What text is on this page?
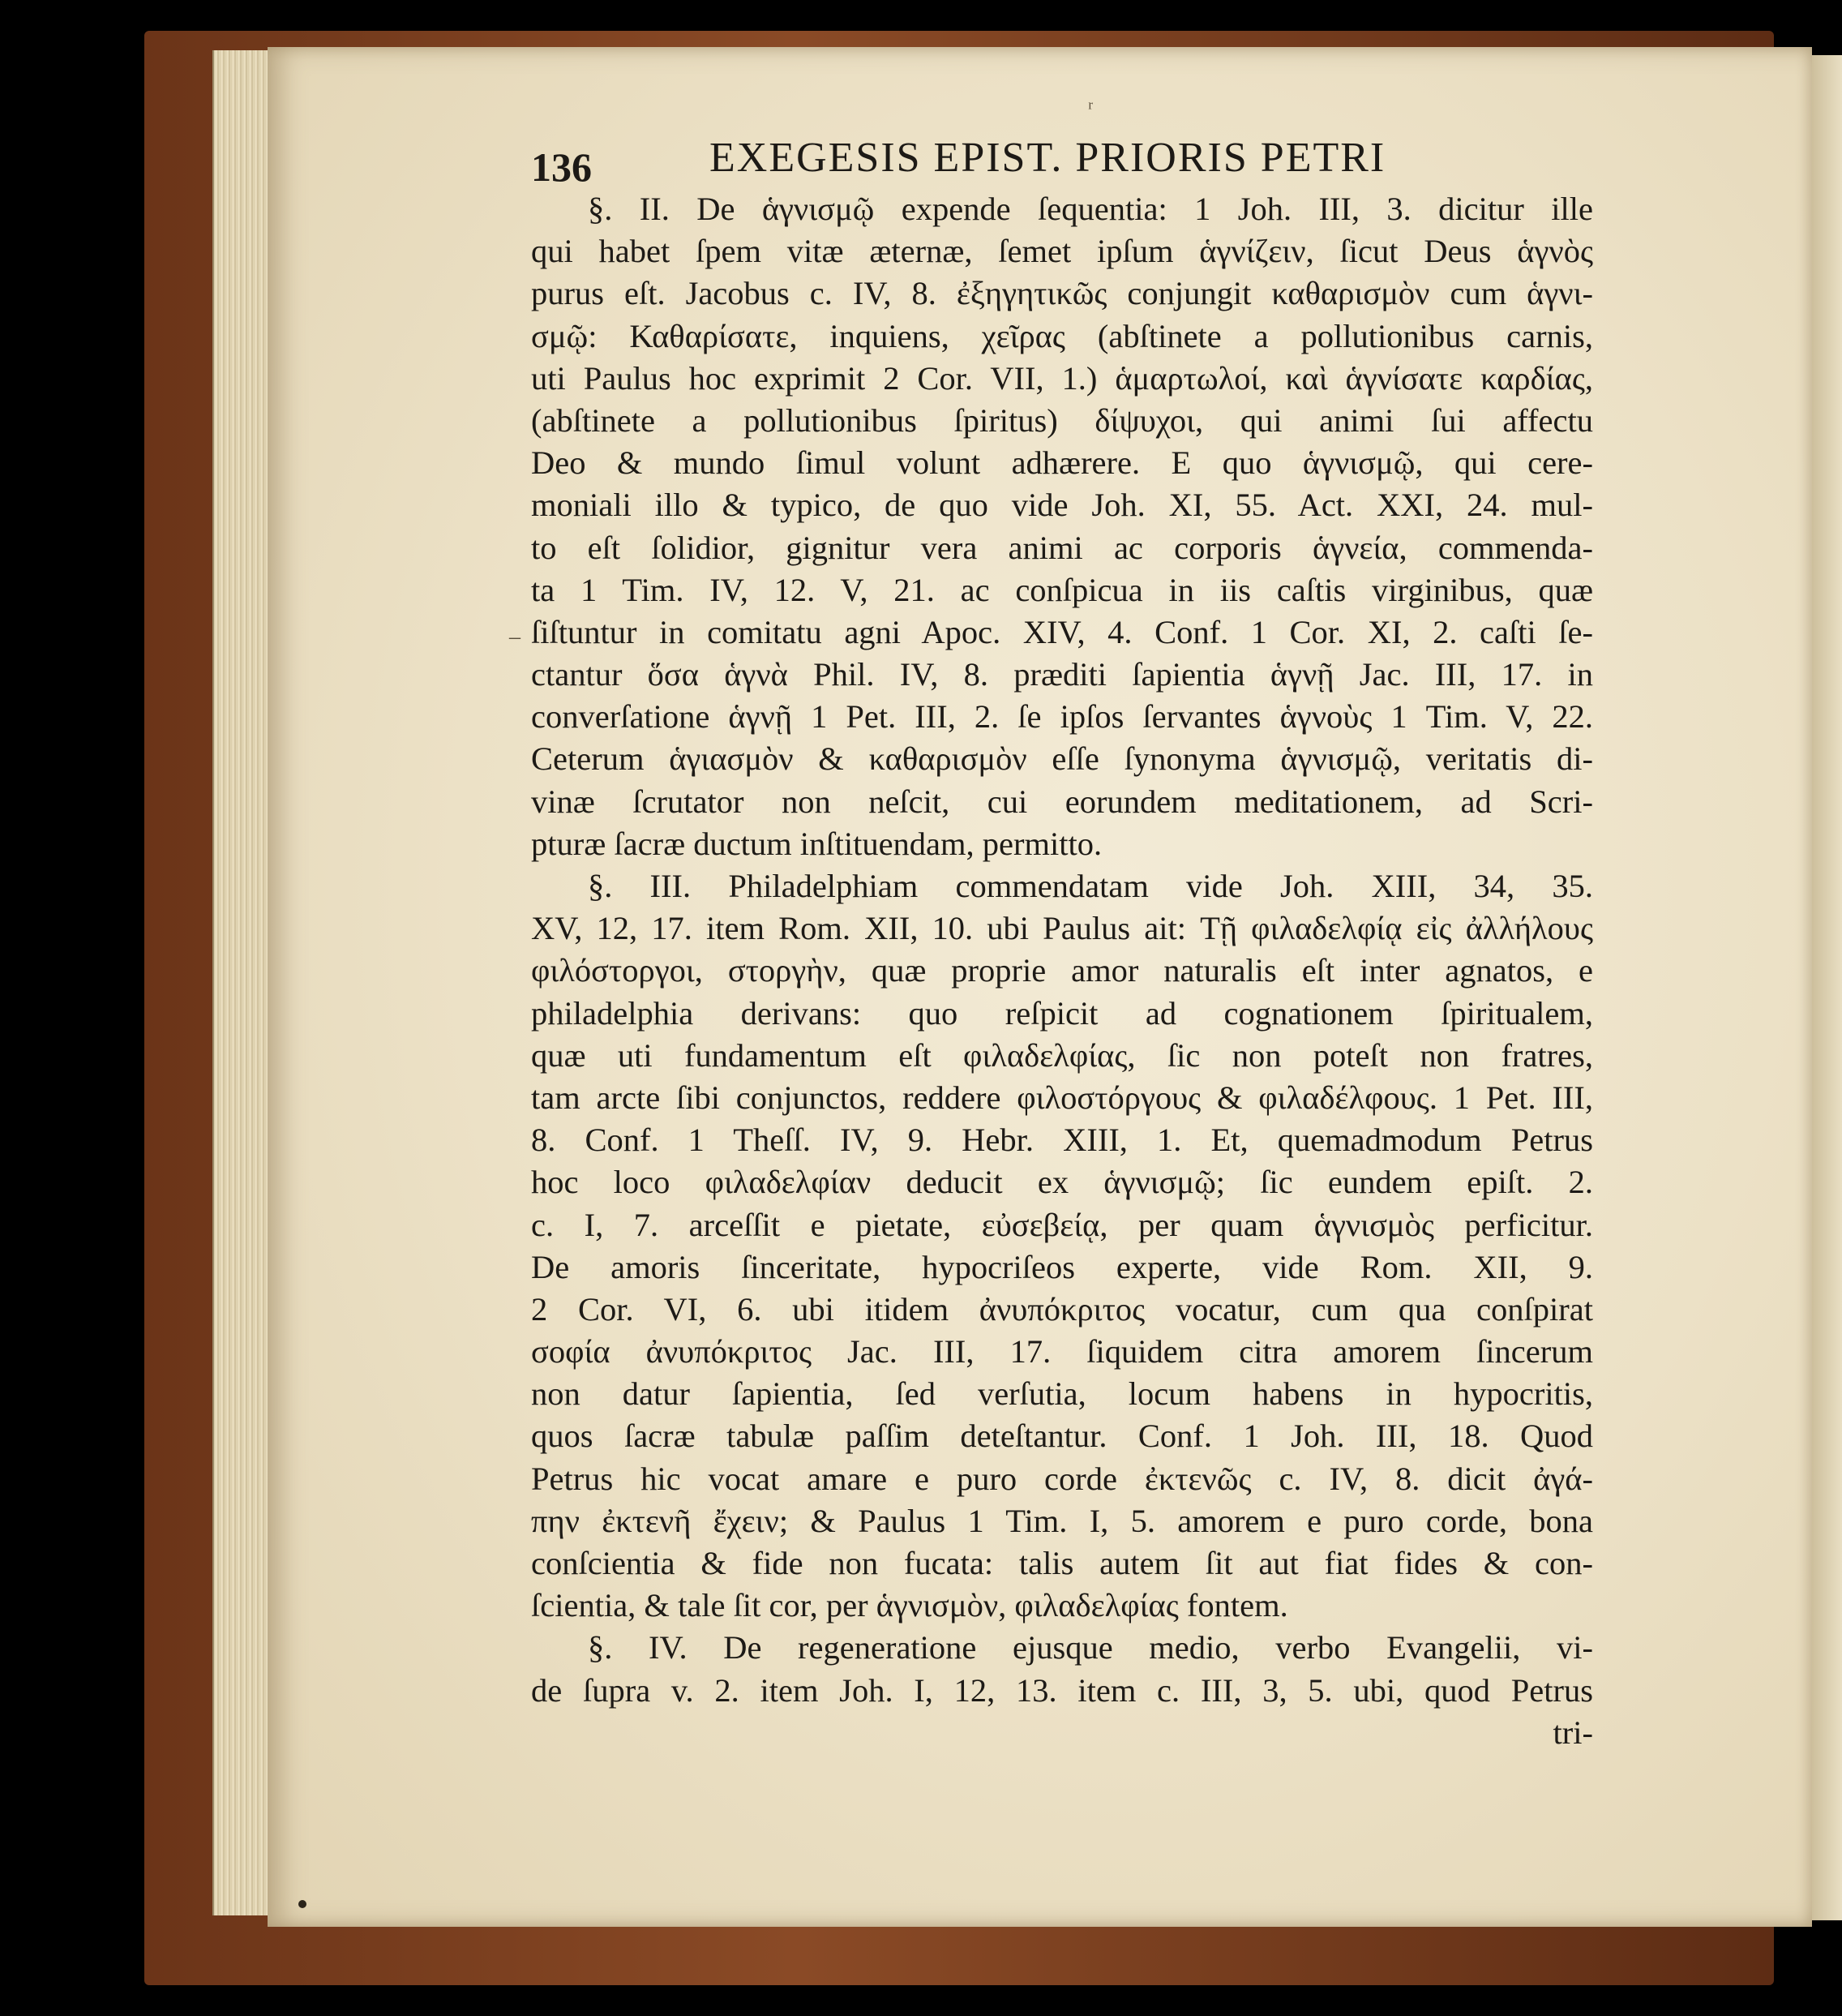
ʳ
–
136	EXEGESIS EPIST. PRIORIS PETRI
§. II. De ἁγνισμῷ expende ſequentia: 1 Joh. III, 3. dicitur ille
qui habet ſpem vitæ æternæ, ſemet ipſum ἁγνίζειν, ſicut Deus ἁγνὸς
purus eſt. Jacobus c. IV, 8. ἐξηγητικῶς conjungit καθαρισμὸν cum ἁγνι-
σμῷ: Καθαρίσατε, inquiens, χεῖρας (abſtinete a pollutionibus carnis,
uti Paulus hoc exprimit 2 Cor. VII, 1.) ἁμαρτωλοί, καὶ ἁγνίσατε καρδίας,
(abſtinete a pollutionibus ſpiritus) δίψυχοι, qui animi ſui affectu
Deo & mundo ſimul volunt adhærere. E quo ἁγνισμῷ, qui cere-
moniali illo & typico, de quo vide Joh. XI, 55. Act. XXI, 24. mul-
to eſt ſolidior, gignitur vera animi ac corporis ἁγνεία, commenda-
ta 1 Tim. IV, 12. V, 21. ac conſpicua in iis caſtis virginibus, quæ
ſiſtuntur in comitatu agni Apoc. XIV, 4. Conf. 1 Cor. XI, 2. caſti ſe-
ctantur ὅσα ἁγνὰ Phil. IV, 8. præditi ſapientia ἁγνῇ Jac. III, 17. in
converſatione ἁγνῇ 1 Pet. III, 2. ſe ipſos ſervantes ἁγνοὺς 1 Tim. V, 22.
Ceterum ἁγιασμὸν & καθαρισμὸν eſſe ſynonyma ἁγνισμῷ, veritatis di-
vinæ ſcrutator non neſcit, cui eorundem meditationem, ad Scri-
pturæ ſacræ ductum inſtituendam, permitto.
§. III. Philadelphiam commendatam vide Joh. XIII, 34, 35.
XV, 12, 17. item Rom. XII, 10. ubi Paulus ait: Τῇ φιλαδελφίᾳ εἰς ἀλλήλους
φιλόστοργοι, στοργὴν, quæ proprie amor naturalis eſt inter agnatos, e
philadelphia derivans: quo reſpicit ad cognationem ſpiritualem,
quæ uti fundamentum eſt φιλαδελφίας, ſic non poteſt non fratres,
tam arcte ſibi conjunctos, reddere φιλοστόργους & φιλαδέλφους. 1 Pet. III,
8. Conf. 1 Theſſ. IV, 9. Hebr. XIII, 1. Et, quemadmodum Petrus
hoc loco φιλαδελφίαν deducit ex ἁγνισμῷ; ſic eundem epiſt. 2.
c. I, 7. arceſſit e pietate, εὐσεβείᾳ, per quam ἁγνισμὸς perficitur.
De amoris ſinceritate, hypocriſeos experte, vide Rom. XII, 9.
2 Cor. VI, 6. ubi itidem ἀνυπόκριτος vocatur, cum qua conſpirat
σοφία ἀνυπόκριτος Jac. III, 17. ſiquidem citra amorem ſincerum
non datur ſapientia, ſed verſutia, locum habens in hypocritis,
quos ſacræ tabulæ paſſim deteſtantur. Conf. 1 Joh. III, 18. Quod
Petrus hic vocat amare e puro corde ἐκτενῶς c. IV, 8. dicit ἀγά-
πην ἐκτενῆ ἔχειν; & Paulus 1 Tim. I, 5. amorem e puro corde, bona
conſcientia & fide non fucata: talis autem ſit aut fiat fides & con-
ſcientia, & tale ſit cor, per ἁγνισμὸν, φιλαδελφίας fontem.
§. IV. De regeneratione ejusque medio, verbo Evangelii, vi-
de ſupra v. 2. item Joh. I, 12, 13. item c. III, 3, 5. ubi, quod Petrus
tri-
